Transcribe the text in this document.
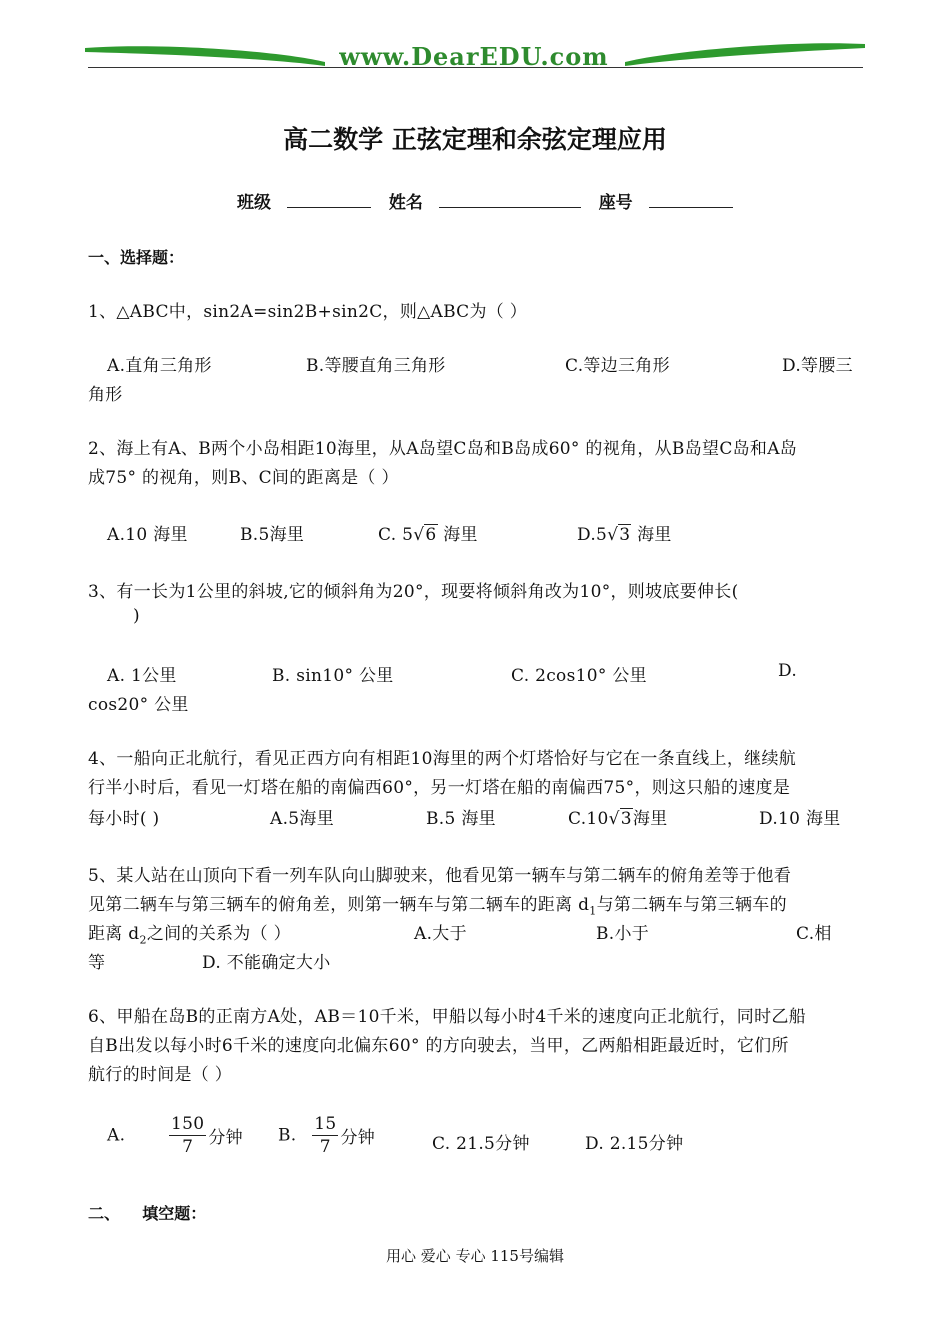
www.DearEDU.com
高二数学 正弦定理和余弦定理应用
班级	姓名	座号
一、选择题：
1、△ABC中，sin2A=sin2B+sin2C，则△ABC为（ ）
A.直角三角形	B.等腰直角三角形	C.等边三角形	D.等腰三
角形
2、海上有A、B两个小岛相距10海里，从A岛望C岛和B岛成60° 的视角，从B岛望C岛和A岛
成75° 的视角，则B、C间的距离是（ ）
A.10 海里	B.5海里	C. 5√6 海里	D.5√3 海里
3、有一长为1公里的斜坡,它的倾斜角为20°，现要将倾斜角改为10°，则坡底要伸长(
)
A. 1公里	B. sin10° 公里	C. 2cos10° 公里	D.
cos20° 公里
4、一船向正北航行，看见正西方向有相距10海里的两个灯塔恰好与它在一条直线上，继续航
行半小时后，看见一灯塔在船的南偏西60°，另一灯塔在船的南偏西75°，则这只船的速度是
每小时( )	A.5海里	B.5 海里	C.10√3海里	D.10 海里
5、某人站在山顶向下看一列车队向山脚驶来，他看见第一辆车与第二辆车的俯角差等于他看
见第二辆车与第三辆车的俯角差，则第一辆车与第二辆车的距离 $d_1$与第二辆车与第三辆车的
距离 $d_2$之间的关系为（ ）	A.大于	B.小于	C.相
等	D. 不能确定大小
6、甲船在岛B的正南方A处，AB＝10千米，甲船以每小时4千米的速度向正北航行，同时乙船
自B出发以每小时6千米的速度向北偏东60° 的方向驶去，当甲，乙两船相距最近时，它们所
航行的时间是（ ）
A.	$\frac{150}{7}$ 分钟 B. $\frac{15}{7}$ 分钟	C. 21.5分钟	D. 2.15分钟
二、    填空题：
用心 爱心 专心 115号编辑
